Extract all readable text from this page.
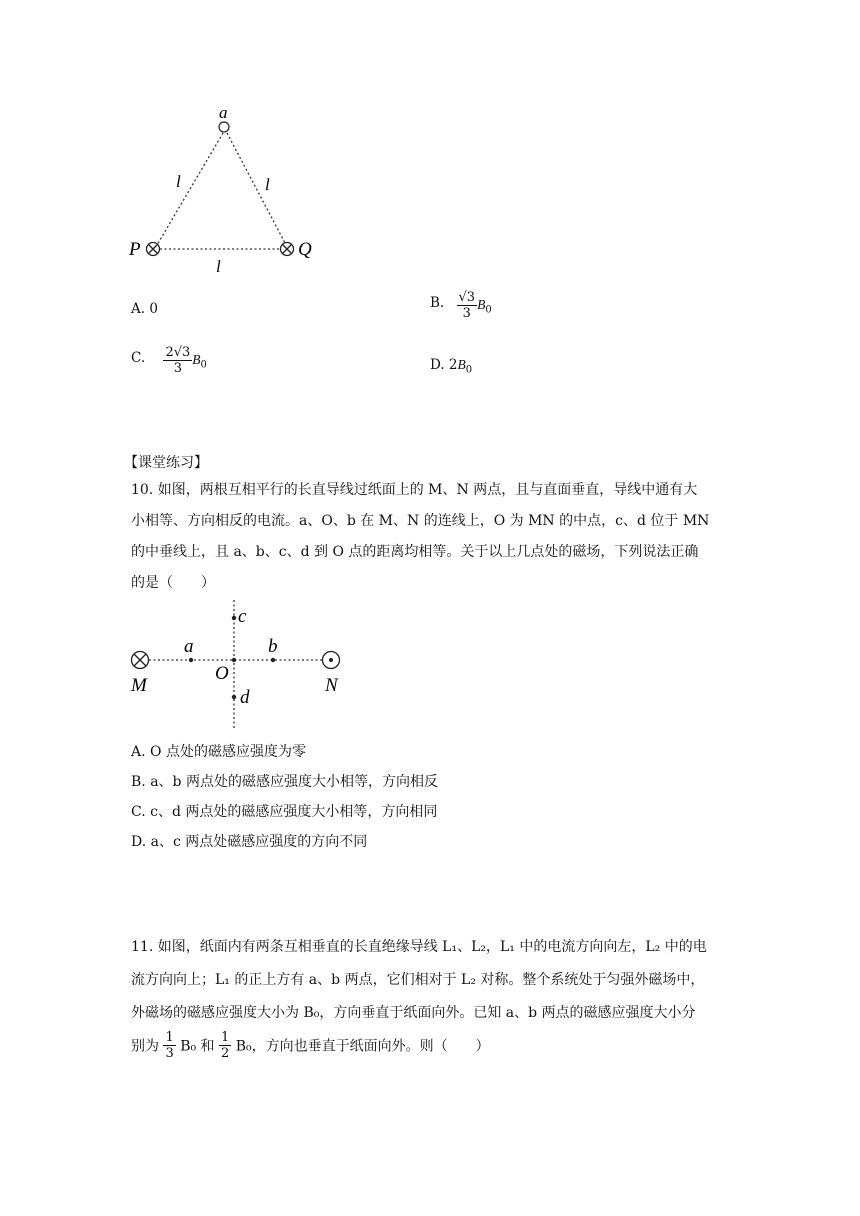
a
P	Q
l	l
l
A. 0	B. $\frac{√3}{3} B_0$
C. $\frac{2√3}{3} B_0$	D. $2B_0$
【课堂练习】
10. 如图，两根互相平行的长直导线过纸面上的 M、N 两点，且与直面垂直，导线中通有大
小相等、方向相反的电流。a、O、b 在 M、N 的连线上，O 为 MN 的中点，c、d 位于 MN
的中垂线上，且 a、b、c、d 到 O 点的距离均相等。关于以上几点处的磁场，下列说法正确
的是（　　）
M	N
O
a	b
c
d
A. O 点处的磁感应强度为零
B. a、b 两点处的磁感应强度大小相等，方向相反
C. c、d 两点处的磁感应强度大小相等，方向相同
D. a、c 两点处磁感应强度的方向不同
11. 如图，纸面内有两条互相垂直的长直绝缘导线 L₁、L₂，L₁ 中的电流方向向左，L₂ 中的电
流方向向上；L₁ 的正上方有 a、b 两点，它们相对于 L₂ 对称。整个系统处于匀强外磁场中，
外磁场的磁感应强度大小为 B₀，方向垂直于纸面向外。已知 a、b 两点的磁感应强度大小分
别为 $\frac{1}{3} B_0$ 和 $\frac{1}{2} B_0$，方向也垂直于纸面向外。则（　　）
